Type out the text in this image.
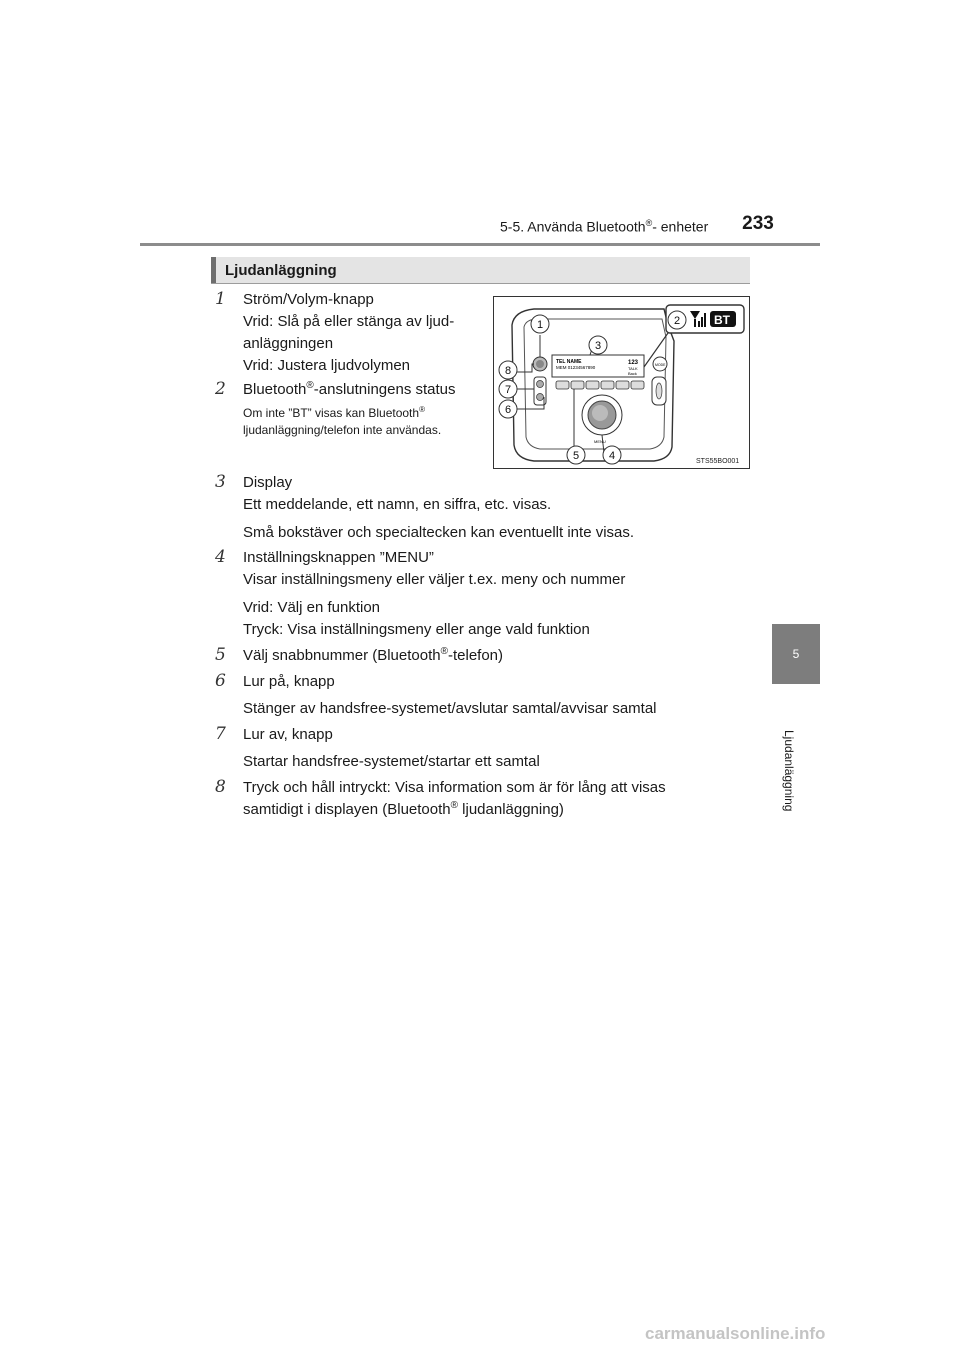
5-5. Använda Bluetooth®- enheter 233
5
Ljudanläggning
Ljudanläggning
TEL NAME
MEM 01234567890
123
TALK
Back
MODE
MENU
BT
1	2
3
4
5
6
7
8
STS55BO001
1	Ström/Volym-knapp

Vrid: Slå på eller stänga av ljud-

anläggningen

Vrid: Justera ljudvolymen

2	Bluetooth®-anslutningens status

Om inte ”BT” visas kan Bluetooth®
ljudanläggning/telefon inte användas.
3	Display

Ett meddelande, ett namn, en siffra, etc. visas.

Små bokstäver och specialtecken kan eventuellt inte visas.

4	Inställningsknappen ”MENU”

Visar inställningsmeny eller väljer t.ex. meny och nummer

Vrid: Välj en funktion

Tryck: Visa inställningsmeny eller ange vald funktion

5	Välj snabbnummer (Bluetooth®-telefon)

6	Lur på, knapp

Stänger av handsfree-systemet/avslutar samtal/avvisar samtal

7	Lur av, knapp

Startar handsfree-systemet/startar ett samtal

8	Tryck och håll intryckt: Visa information som är för lång att visas

samtidigt i displayen (Bluetooth® ljudanläggning)

carmanualsonline.info
